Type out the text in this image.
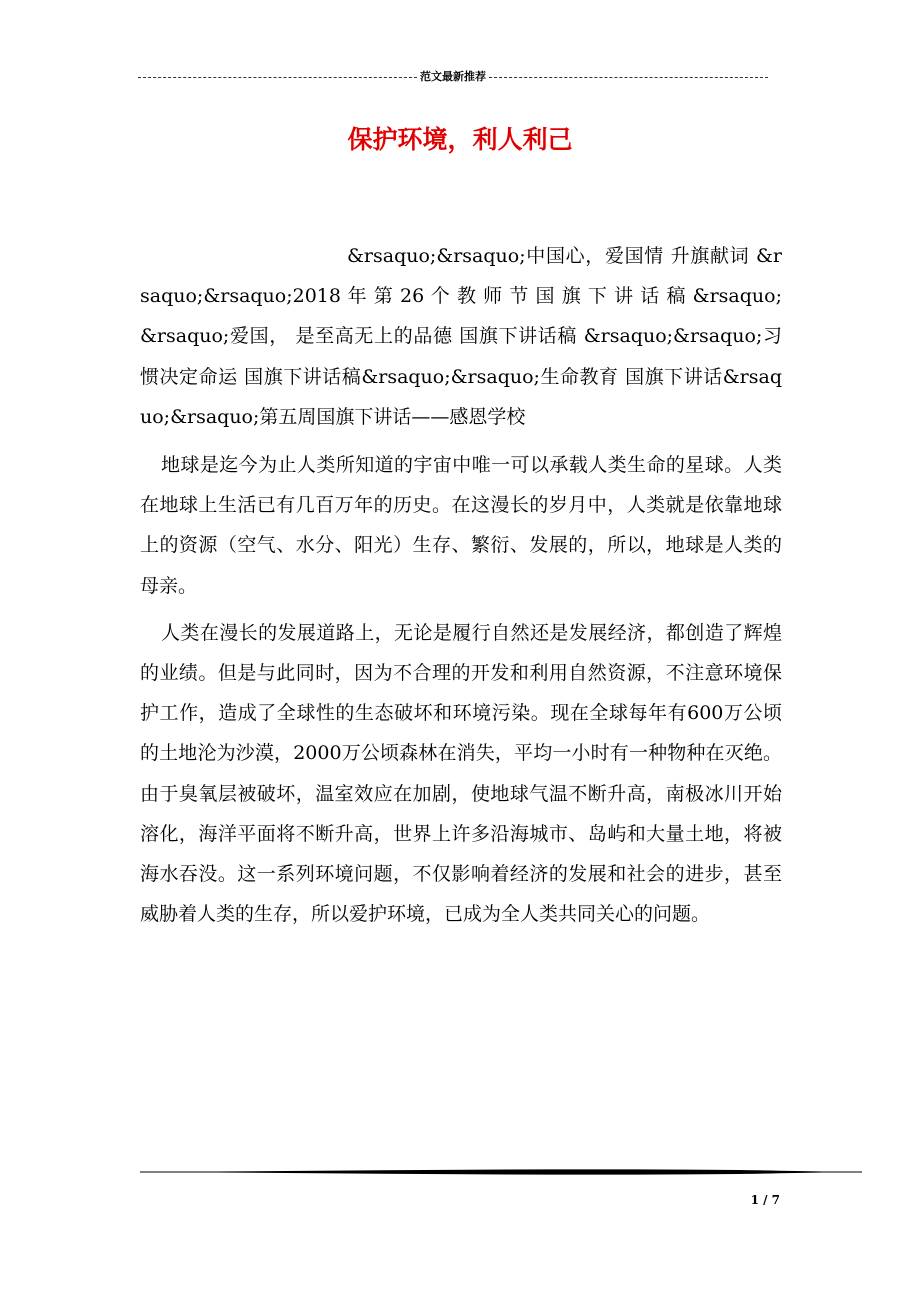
范文最新推荐
保护环境，利人利己

&rsaquo;&rsaquo;中国心，爱国情 升旗献词 &rsaquo;&rsaquo;2018 年 第 26 个 教 师 节 国 旗 下 讲 话 稿 &rsaquo;&rsaquo;爱国， 是至高无上的品德 国旗下讲话稿 &rsaquo;&rsaquo;习惯决定命运 国旗下讲话稿&rsaquo;&rsaquo;生命教育 国旗下讲话&rsaquo;&rsaquo;第五周国旗下讲话——感恩学校

地球是迄今为止人类所知道的宇宙中唯一可以承载人类生命的星球。人类在地球上生活已有几百万年的历史。在这漫长的岁月中，人类就是依靠地球上的资源（空气、水分、阳光）生存、繁衍、发展的，所以，地球是人类的母亲。

人类在漫长的发展道路上，无论是履行自然还是发展经济，都创造了辉煌的业绩。但是与此同时，因为不合理的开发和利用自然资源，不注意环境保护工作，造成了全球性的生态破坏和环境污染。现在全球每年有600万公顷的土地沦为沙漠，2000万公顷森林在消失，平均一小时有一种物种在灭绝。由于臭氧层被破坏，温室效应在加剧，使地球气温不断升高，南极冰川开始溶化，海洋平面将不断升高，世界上许多沿海城市、岛屿和大量土地，将被海水吞没。这一系列环境问题，不仅影响着经济的发展和社会的进步，甚至威胁着人类的生存，所以爱护环境，已成为全人类共同关心的问题。

1 / 7
